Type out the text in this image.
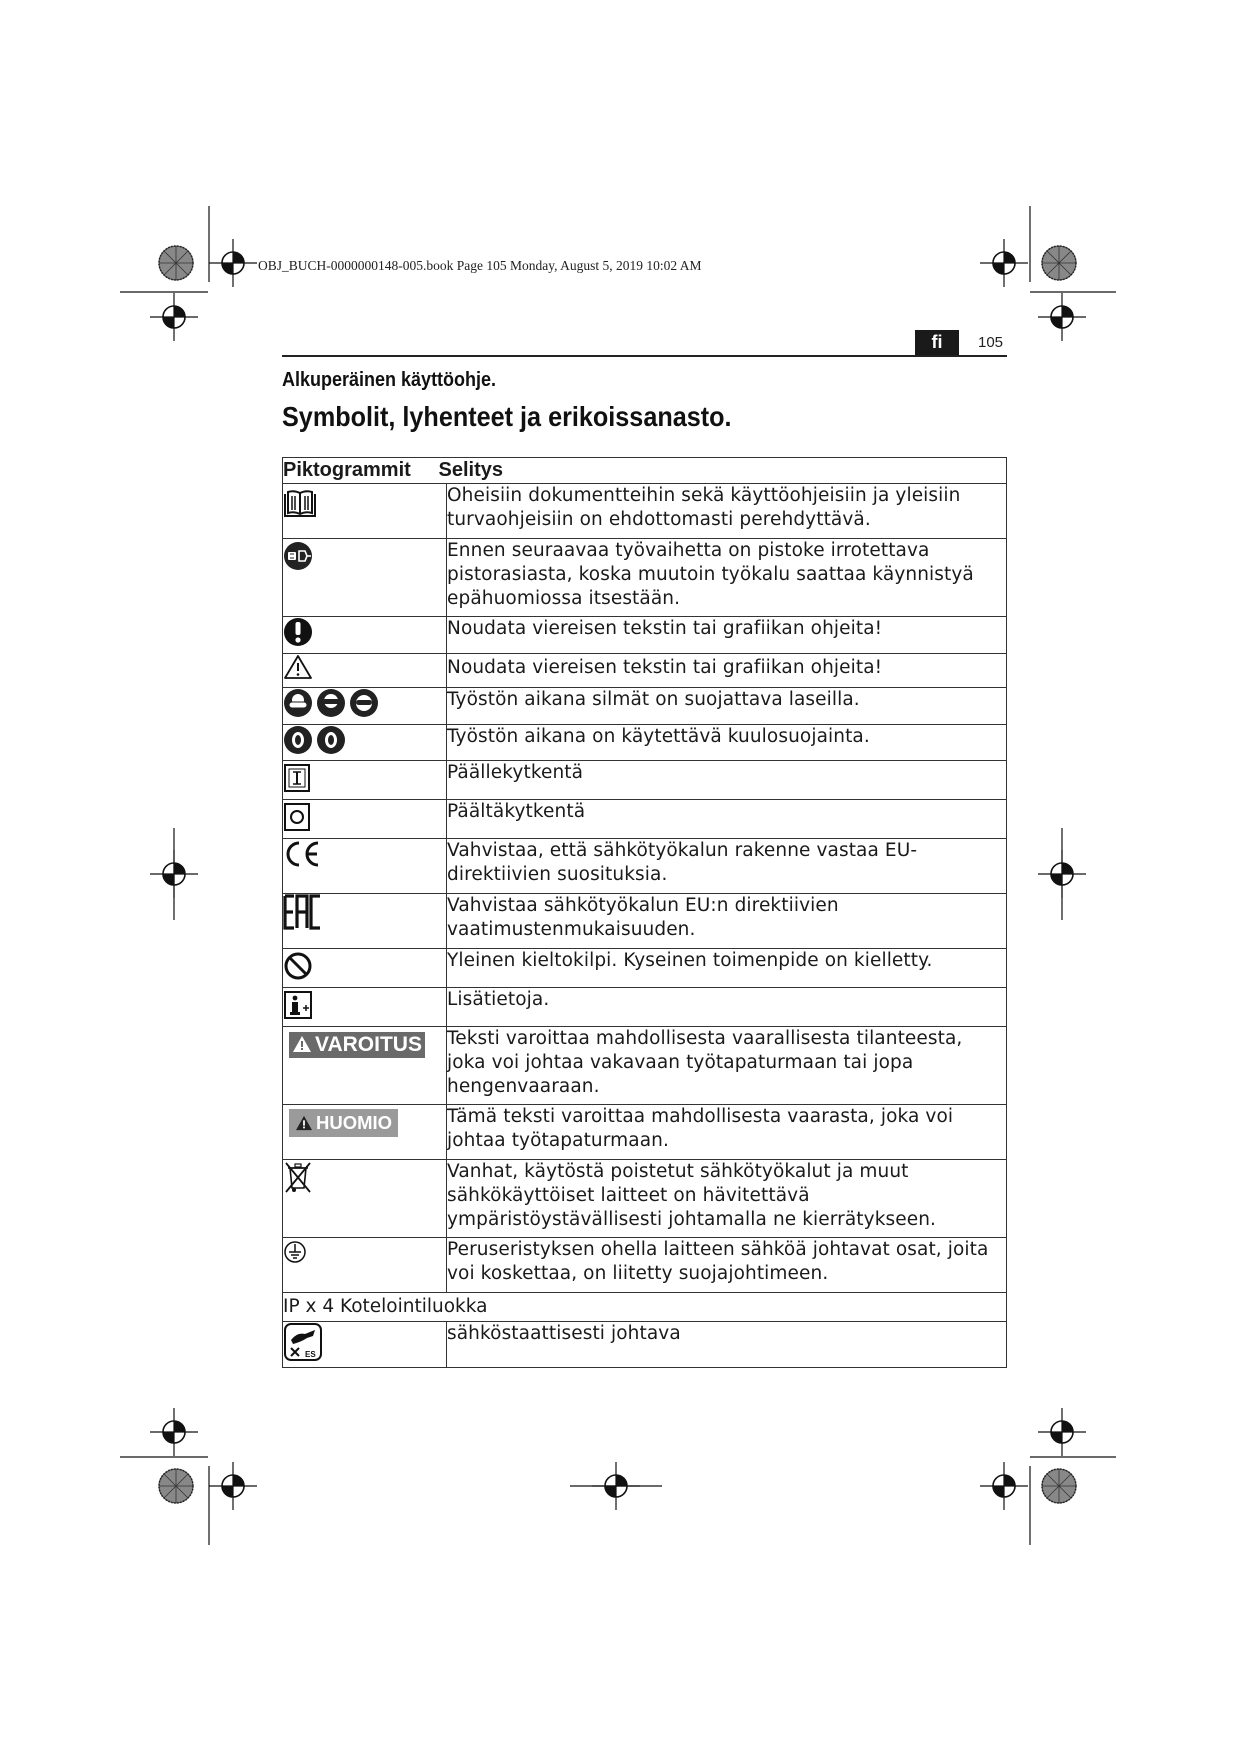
OBJ_BUCH-0000000148-005.book Page 105 Monday, August 5, 2019 10:02 AM
fi	105
Alkuperäinen käyttöohje.
Symbolit, lyhenteet ja erikoissanasto.
Piktogrammit	Selitys
	Oheisiin dokumentteihin sekä käyttöohjeisiin ja yleisiin turvaohjeisiin on ehdottomasti perehdyttävä.
	Ennen seuraavaa työvaihetta on pistoke irrotettava pistorasiasta, koska muutoin työkalu saattaa käynnistyä epähuomiossa itsestään.
	Noudata viereisen tekstin tai grafiikan ohjeita!
	Noudata viereisen tekstin tai grafiikan ohjeita!
	Työstön aikana silmät on suojattava laseilla.
	Työstön aikana on käytettävä kuulosuojainta.
	Päällekytkentä
	Päältäkytkentä
	Vahvistaa, että sähkötyökalun rakenne vastaa EU-direktiivien suosituksia.
	Vahvistaa sähkötyökalun EU:n direktiivien vaatimustenmukaisuuden.
	Yleinen kieltokilpi. Kyseinen toimenpide on kielletty.
	Lisätietoja.
VAROITUS	Teksti varoittaa mahdollisesta vaarallisesta tilanteesta, joka voi johtaa vakavaan työtapaturmaan tai jopa hengenvaaraan.
HUOMIO	Tämä teksti varoittaa mahdollisesta vaarasta, joka voi johtaa työtapaturmaan.
	Vanhat, käytöstä poistetut sähkötyökalut ja muut sähkökäyttöiset laitteet on hävitettävä ympäristöystävällisesti johtamalla ne kierrätykseen.
	Peruseristyksen ohella laitteen sähköä johtavat osat, joita voi koskettaa, on liitetty suojajohtimeen.
IP x 4 Kotelointiluokka	

ES	sähköstaattisesti johtava
